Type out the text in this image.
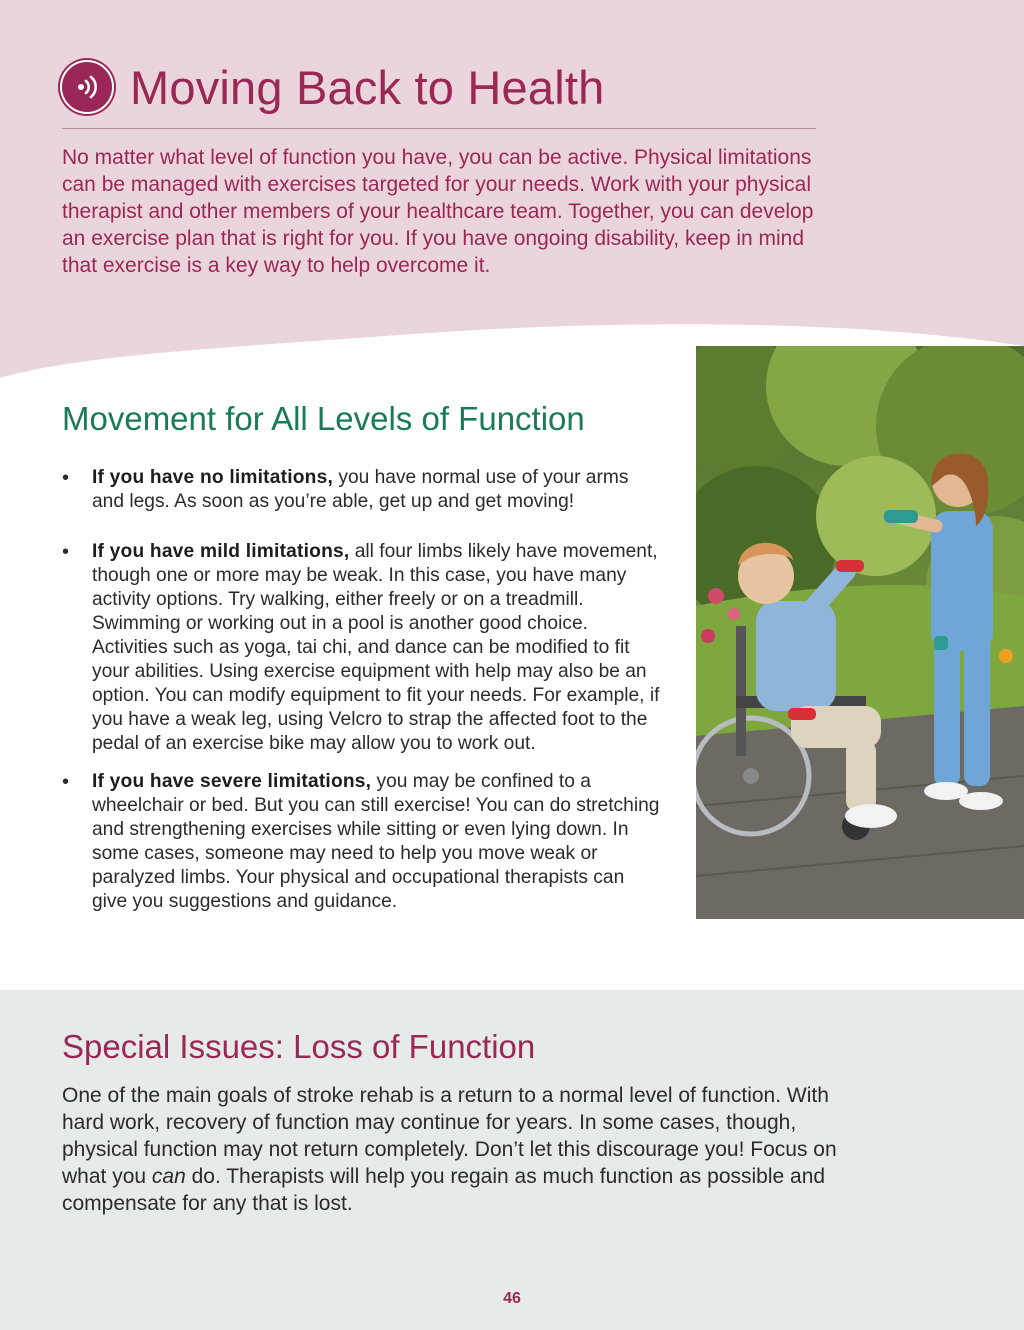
Moving Back to Health

No matter what level of function you have, you can be active. Physical limitations can be managed with exercises targeted for your needs. Work with your physical therapist and other members of your healthcare team. Together, you can develop an exercise plan that is right for you. If you have ongoing disability, keep in mind that exercise is a key way to help overcome it.

Movement for All Levels of Function
• If you have no limitations, you have normal use of your arms and legs. As soon as you’re able, get up and get moving!
• If you have mild limitations, all four limbs likely have movement, though one or more may be weak. In this case, you have many activity options. Try walking, either freely or on a treadmill. Swimming or working out in a pool is another good choice. Activities such as yoga, tai chi, and dance can be modified to fit your abilities. Using exercise equipment with help may also be an option. You can modify equipment to fit your needs. For example, if you have a weak leg, using Velcro to strap the affected foot to the pedal of an exercise bike may allow you to work out.
• If you have severe limitations, you may be confined to a wheelchair or bed. But you can still exercise! You can do stretching and strengthening exercises while sitting or even lying down. In some cases, someone may need to help you move weak or paralyzed limbs. Your physical and occupational therapists can give you suggestions and guidance.
Special Issues: Loss of Function

One of the main goals of stroke rehab is a return to a normal level of function. With hard work, recovery of function may continue for years. In some cases, though, physical function may not return completely. Don’t let this discourage you! Focus on what you can do. Therapists will help you regain as much function as possible and compensate for any that is lost.

46
